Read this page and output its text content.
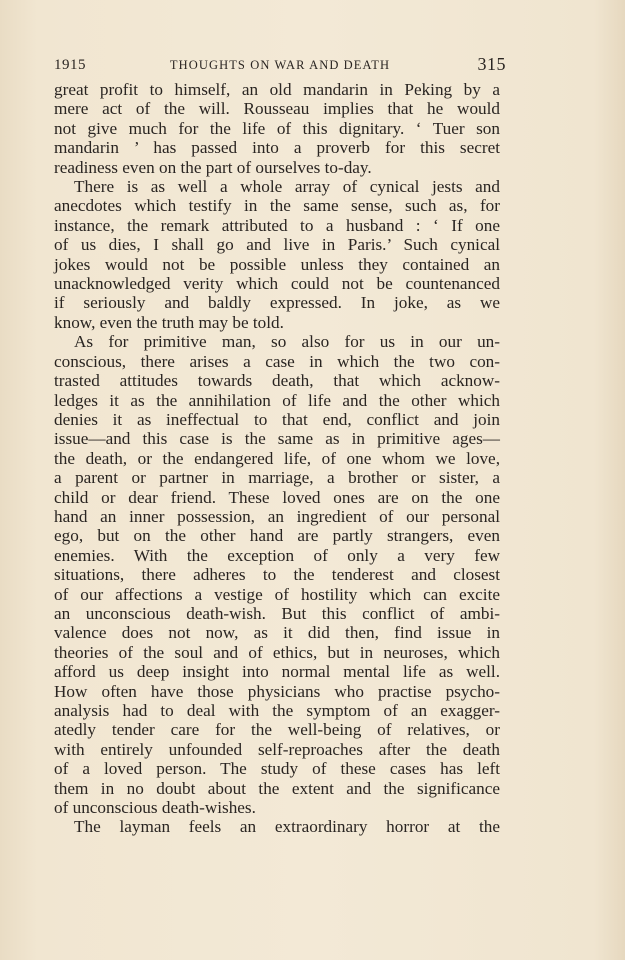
1915	THOUGHTS ON WAR AND DEATH	315
great profit to himself, an old mandarin in Peking by a
mere act of the will. Rousseau implies that he would
not give much for the life of this dignitary. ‘ Tuer son
mandarin ’ has passed into a proverb for this secret
readiness even on the part of ourselves to-day.
There is as well a whole array of cynical jests and
anecdotes which testify in the same sense, such as, for
instance, the remark attributed to a husband : ‘ If one
of us dies, I shall go and live in Paris.’ Such cynical
jokes would not be possible unless they contained an
unacknowledged verity which could not be countenanced
if seriously and baldly expressed. In joke, as we
know, even the truth may be told.
As for primitive man, so also for us in our un-
conscious, there arises a case in which the two con-
trasted attitudes towards death, that which acknow-
ledges it as the annihilation of life and the other which
denies it as ineffectual to that end, conflict and join
issue—and this case is the same as in primitive ages—
the death, or the endangered life, of one whom we love,
a parent or partner in marriage, a brother or sister, a
child or dear friend. These loved ones are on the one
hand an inner possession, an ingredient of our personal
ego, but on the other hand are partly strangers, even
enemies. With the exception of only a very few
situations, there adheres to the tenderest and closest
of our affections a vestige of hostility which can excite
an unconscious death-wish. But this conflict of ambi-
valence does not now, as it did then, find issue in
theories of the soul and of ethics, but in neuroses, which
afford us deep insight into normal mental life as well.
How often have those physicians who practise psycho-
analysis had to deal with the symptom of an exagger-
atedly tender care for the well-being of relatives, or
with entirely unfounded self-reproaches after the death
of a loved person. The study of these cases has left
them in no doubt about the extent and the significance
of unconscious death-wishes.
The layman feels an extraordinary horror at the
